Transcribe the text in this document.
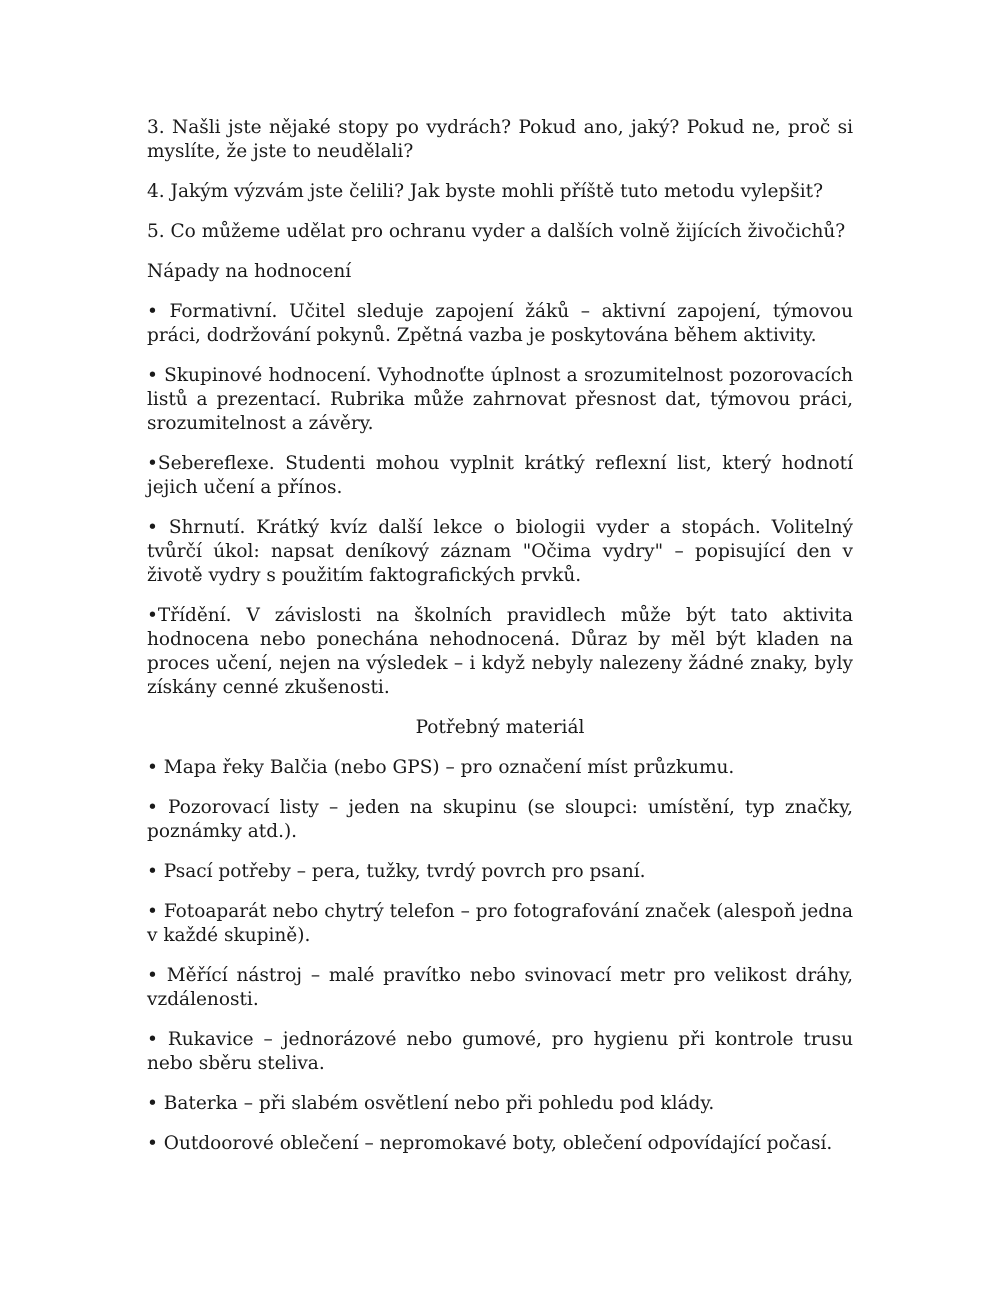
3. Našli jste nějaké stopy po vydrách? Pokud ano, jaký? Pokud ne, proč si myslíte, že jste to neudělali?

4. Jakým výzvám jste čelili? Jak byste mohli příště tuto metodu vylepšit?

5. Co můžeme udělat pro ochranu vyder a dalších volně žijících živočichů?

Nápady na hodnocení

• Formativní. Učitel sleduje zapojení žáků – aktivní zapojení, týmovou práci, dodržování pokynů. Zpětná vazba je poskytována během aktivity.

• Skupinové hodnocení. Vyhodnoťte úplnost a srozumitelnost pozorovacích listů a prezentací. Rubrika může zahrnovat přesnost dat, týmovou práci, srozumitelnost a závěry.

•Sebereflexe. Studenti mohou vyplnit krátký reflexní list, který hodnotí jejich učení a přínos.

• Shrnutí. Krátký kvíz další lekce o biologii vyder a stopách. Volitelný tvůrčí úkol: napsat deníkový záznam "Očima vydry" – popisující den v životě vydry s použitím faktografických prvků.

•Třídění. V závislosti na školních pravidlech může být tato aktivita hodnocena nebo ponechána nehodnocená. Důraz by měl být kladen na proces učení, nejen na výsledek – i když nebyly nalezeny žádné znaky, byly získány cenné zkušenosti.

Potřebný materiál

• Mapa řeky Balčia (nebo GPS) – pro označení míst průzkumu.

• Pozorovací listy – jeden na skupinu (se sloupci: umístění, typ značky, poznámky atd.).

• Psací potřeby – pera, tužky, tvrdý povrch pro psaní.

• Fotoaparát nebo chytrý telefon – pro fotografování značek (alespoň jedna v každé skupině).

• Měřící nástroj – malé pravítko nebo svinovací metr pro velikost dráhy, vzdálenosti.

• Rukavice – jednorázové nebo gumové, pro hygienu při kontrole trusu nebo sběru steliva.

• Baterka – při slabém osvětlení nebo při pohledu pod klády.

• Outdoorové oblečení – nepromokavé boty, oblečení odpovídající počasí.
